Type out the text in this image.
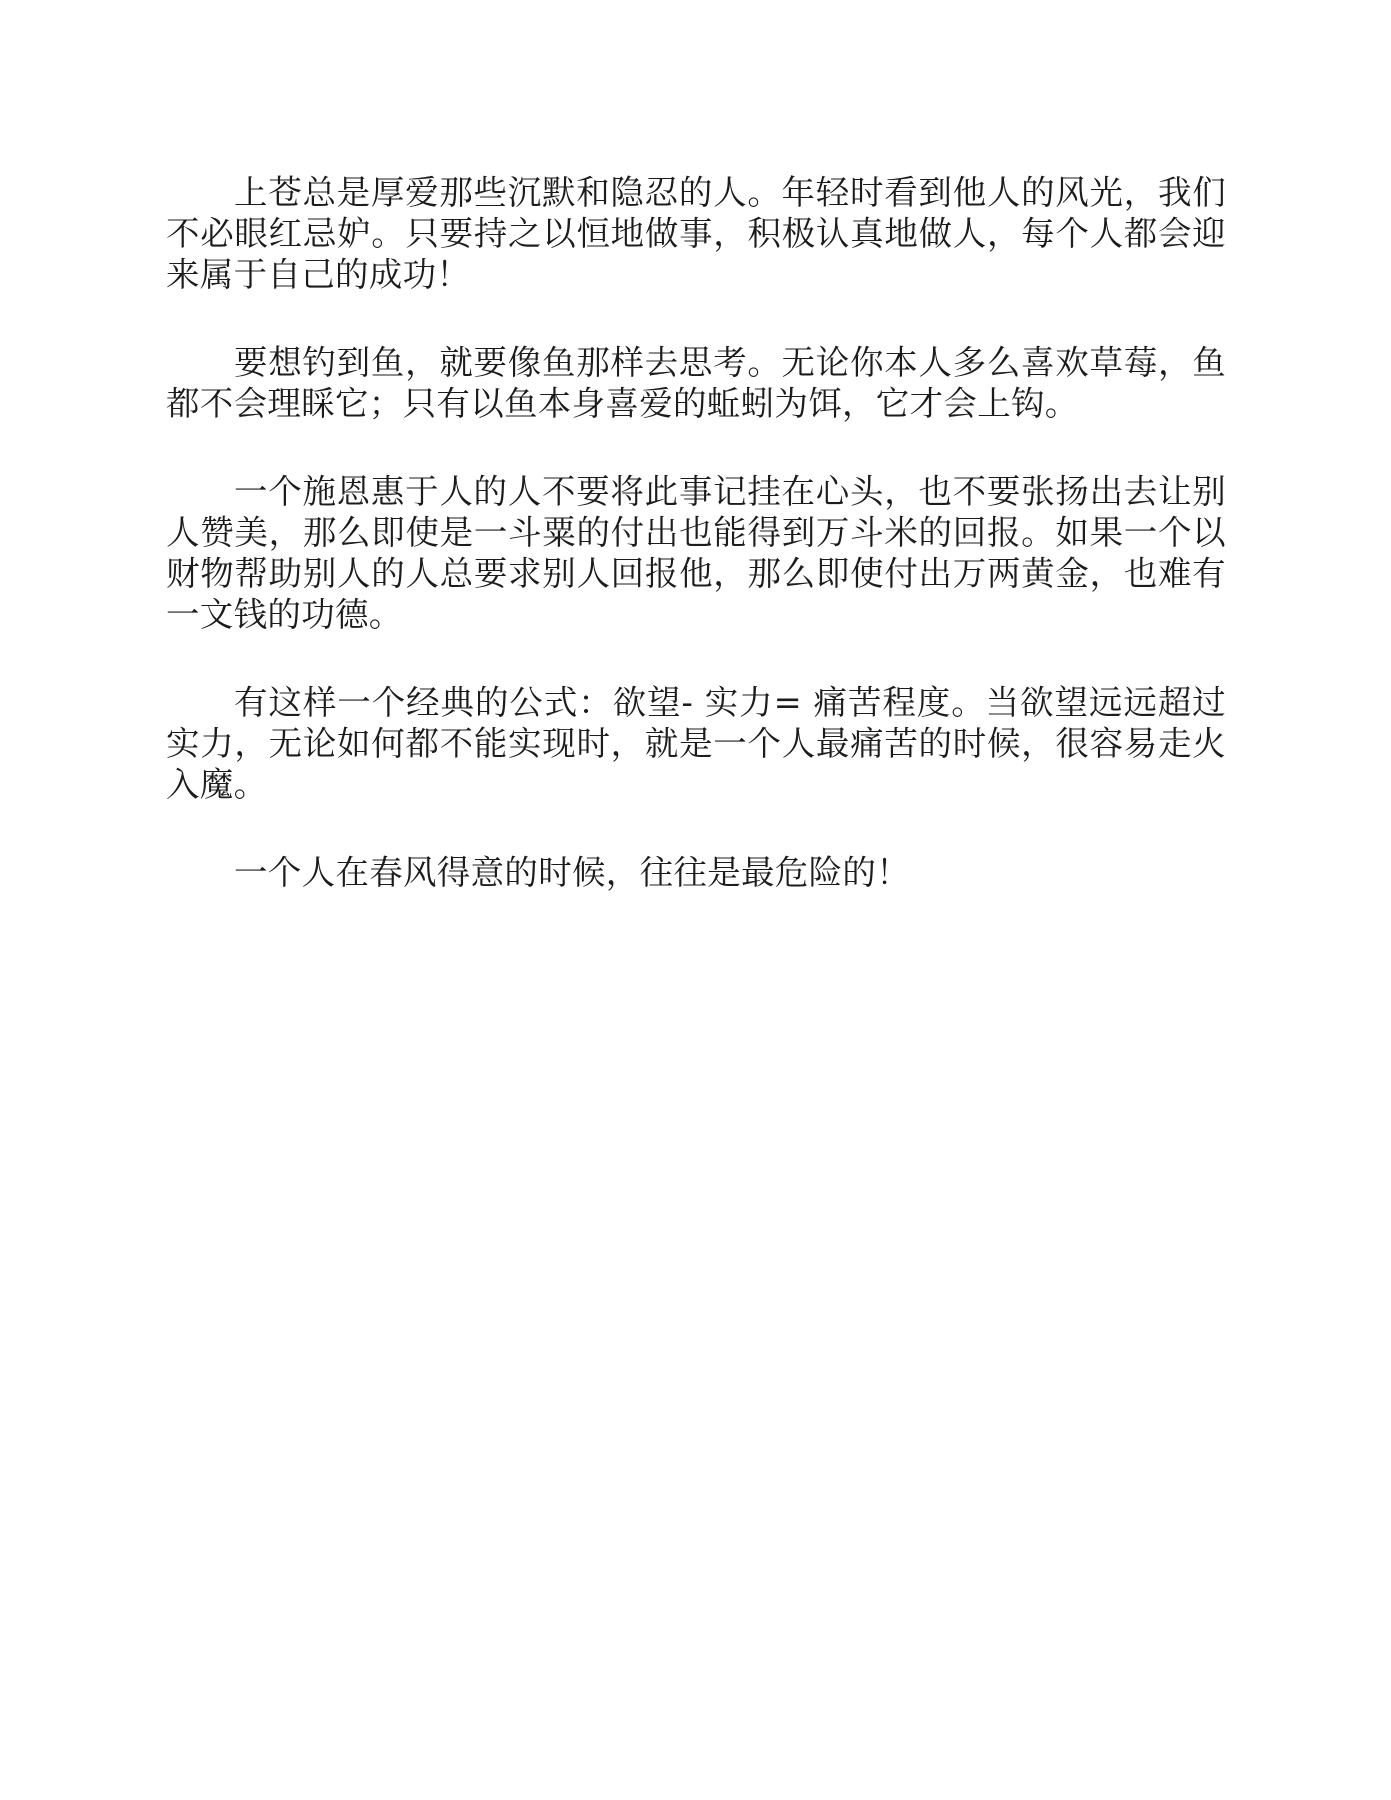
上苍总是厚爱那些沉默和隐忍的人。年轻时看到他人的风光，我们不必眼红忌妒。只要持之以恒地做事，积极认真地做人，每个人都会迎来属于自己的成功！

要想钓到鱼，就要像鱼那样去思考。无论你本人多么喜欢草莓，鱼都不会理睬它；只有以鱼本身喜爱的蚯蚓为饵，它才会上钩。

一个施恩惠于人的人不要将此事记挂在心头，也不要张扬出去让别人赞美，那么即使是一斗粟的付出也能得到万斗米的回报。如果一个以财物帮助别人的人总要求别人回报他，那么即使付出万两黄金，也难有一文钱的功德。

有这样一个经典的公式：欲望- 实力= 痛苦程度。当欲望远远超过实力，无论如何都不能实现时，就是一个人最痛苦的时候，很容易走火入魔。

一个人在春风得意的时候，往往是最危险的！
